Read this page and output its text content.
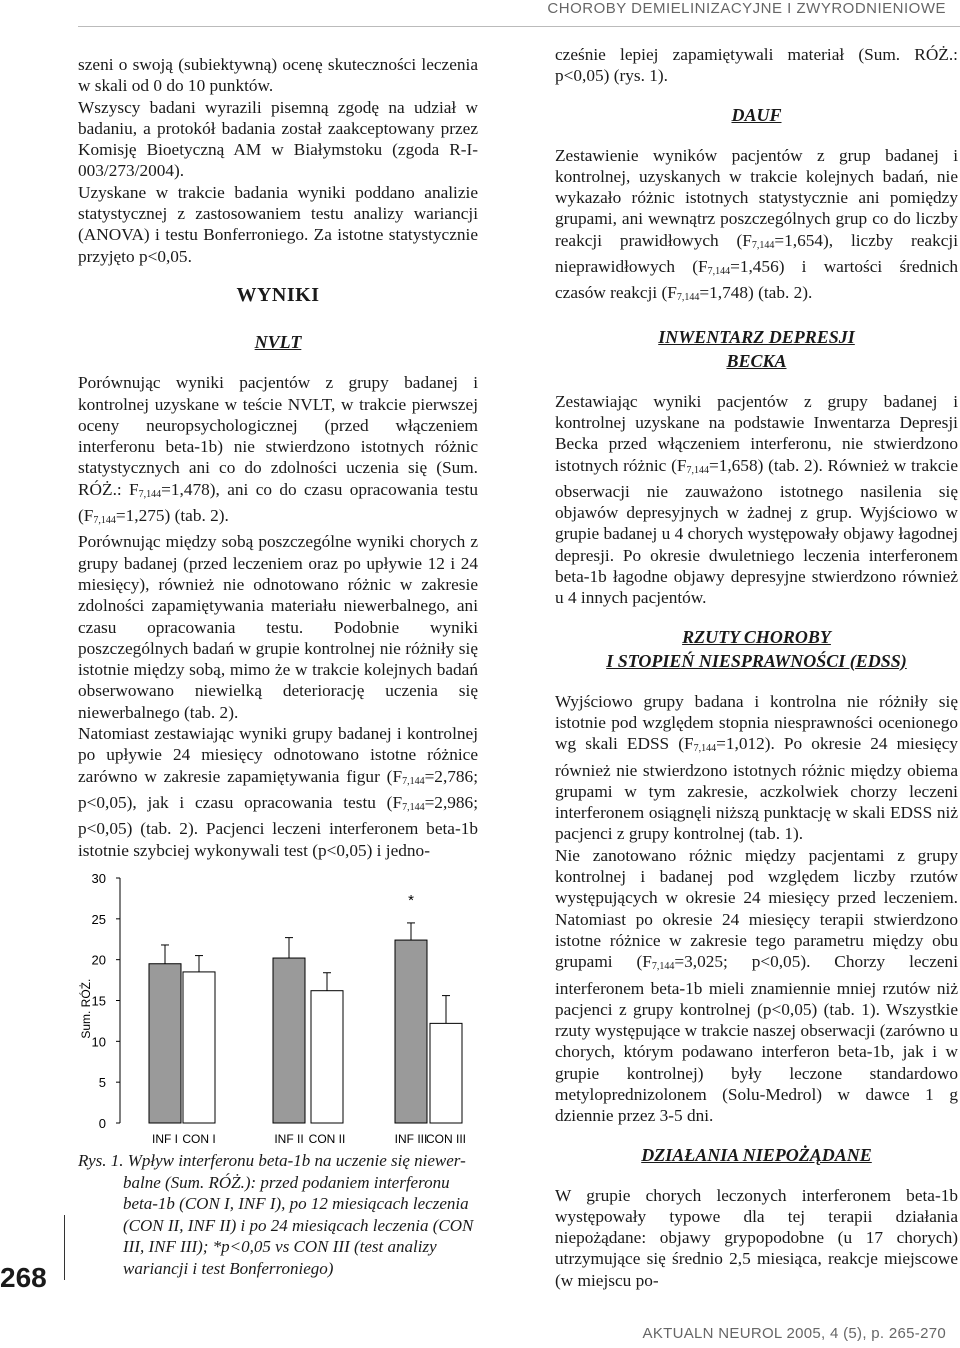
CHOROBY DEMIELINIZACYJNE I ZWYRODNIENIOWE

szeni o swoją (subiektywną) ocenę skuteczności leczenia w skali od 0 do 10 punktów.

Wszyscy badani wyrazili pisemną zgodę na udział w badaniu, a protokół badania został zaakceptowany przez Komisję Bioetyczną AM w Białymstoku (zgoda R-I-003/273/2004).

Uzyskane w trakcie badania wyniki poddano analizie statystycznej z zastosowaniem testu analizy wariancji (ANOVA) i testu Bonferroniego. Za istotne statystycznie przyjęto p<0,05.

WYNIKI
NVLT

Porównując wyniki pacjentów z grupy badanej i kontrolnej uzyskane w teście NVLT, w trakcie pierwszej oceny neuropsychologicznej (przed włączeniem interferonu beta-1b) nie stwierdzono istotnych różnic statystycznych ani co do zdolności uczenia się (Sum. RÓŻ.: $F_{7,144}=1,478$), ani co do czasu opracowania testu $(F_{7,144}=1,275)$ (tab. 2).

Porównując między sobą poszczególne wyniki chorych z grupy badanej (przed leczeniem oraz po upływie 12 i 24 miesięcy), również nie odnotowano różnic w zakresie zdolności zapamiętywania materiału niewerbalnego, ani czasu opracowania testu. Podobnie wyniki poszczególnych badań w grupie kontrolnej nie różniły się istotnie między sobą, mimo że w trakcie kolejnych badań obserwowano niewielką deteriorację uczenia się niewerbalnego (tab. 2).

Natomiast zestawiając wyniki grupy badanej i kontrolnej po upływie 24 miesięcy odnotowano istotne różnice zarówno w zakresie zapamiętywania figur ($F_{7,144}=2,786$; p<0,05), jak i czasu opracowania testu ($F_{7,144}=2,986$; p<0,05) (tab. 2). Pacjenci leczeni interferonem beta-1b istotnie szybciej wykonywali test (p<0,05) i jedno-

0
5
10
15
20
25
30
Sum. RÓŻ.
INF I CON I	INF II CON II	INF III
CON III
*
Rys. 1. Wpływ interferonu beta-1b na uczenie się niewer-
balne (Sum. RÓŻ.): przed podaniem interferonu beta-1b (CON I, INF I), po 12 miesiącach leczenia (CON II, INF II) i po 24 miesiącach leczenia (CON III, INF III); *p<0,05 vs CON III (test analizy wariancji i test Bonferroniego)

cześnie lepiej zapamiętywali materiał (Sum. RÓŻ.: p<0,05) (rys. 1).

DAUF

Zestawienie wyników pacjentów z grup badanej i kontrolnej, uzyskanych w trakcie kolejnych badań, nie wykazało różnic istotnych statystycznie ani pomiędzy grupami, ani wewnątrz poszczególnych grup co do liczby reakcji prawidłowych $(F_{7,144}=1,654)$, liczby reakcji nieprawidłowych $(F_{7,144}=1,456)$ i wartości średnich czasów reakcji $(F_{7,144}=1,748)$ (tab. 2).

INWENTARZ DEPRESJI
BECKA

Zestawiając wyniki pacjentów z grupy badanej i kontrolnej uzyskane na podstawie Inwentarza Depresji Becka przed włączeniem interferonu, nie stwierdzono istotnych różnic $(F_{7,144}=1,658)$ (tab. 2). Również w trakcie obserwacji nie zauważono istotnego nasilenia się objawów depresyjnych w żadnej z grup. Wyjściowo w grupie badanej u 4 chorych występowały objawy łagodnej depresji. Po okresie dwuletniego leczenia interferonem beta-1b łagodne objawy depresyjne stwierdzono również u 4 innych pacjentów.

RZUTY CHOROBY
I STOPIEŃ NIESPRAWNOŚCI (EDSS)

Wyjściowo grupy badana i kontrolna nie różniły się istotnie pod względem stopnia niesprawności ocenionego wg skali EDSS $(F_{7,144}=1,012)$. Po okresie 24 miesięcy również nie stwierdzono istotnych różnic między obiema grupami w tym zakresie, aczkolwiek chorzy leczeni interferonem osiągnęli niższą punktację w skali EDSS niż pacjenci z grupy kontrolnej (tab. 1).

Nie zanotowano różnic między pacjentami z grupy kontrolnej i badanej pod względem liczby rzutów występujących w okresie 24 miesięcy przed leczeniem. Natomiast po okresie 24 miesięcy terapii stwierdzono istotne różnice w zakresie tego parametru między obu grupami ($F_{7,144}=3,025$; p<0,05). Chorzy leczeni interferonem beta-1b mieli znamiennie mniej rzutów niż pacjenci z grupy kontrolnej (p<0,05) (tab. 1). Wszystkie rzuty występujące w trakcie naszej obserwacji (zarówno u chorych, którym podawano interferon beta-1b, jak i w grupie kontrolnej) były leczone standardowo metyloprednizolonem (Solu-Medrol) w dawce 1 g dziennie przez 3-5 dni.

DZIAŁANIA NIEPOŻĄDANE

W grupie chorych leczonych interferonem beta-1b występowały typowe dla tej terapii działania niepożądane: objawy grypopodobne (u 17 chorych) utrzymujące się średnio 2,5 miesiąca, reakcje miejscowe (w miejscu po-

268
AKTUALN NEUROL 2005, 4 (5), p. 265-270
